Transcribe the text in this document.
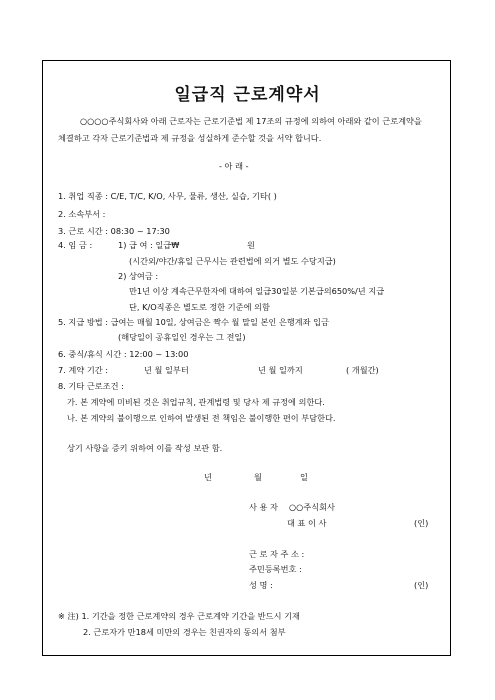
일급직 근로계약서
○○○○주식회사와 아래 근로자는 근로기준법 제 17조의 규정에 의하여 아래와 같이 근로계약을
체결하고 각자 근로기준법과 제 규정을 성실하게 준수할 것을 서약 합니다.
- 아 래 -
1. 취업 직종 : C/E, T/C, K/O, 사무, 물류, 생산, 실습, 기타( )
2. 소속부서 :
3. 근로 시간 : 08:30 ~ 17:30
4. 임 금 :	1) 급 여 : 일급₩	원
(시간외/야간/휴일 근무시는 관련법에 의거 별도 수당지급)
2) 상여금 :
만1년 이상 계속근무한자에 대하여 일급30일분 기본급의650%/년 지급
단, K/O직종은 별도로 정한 기준에 의함
5. 지급 방법 : 급여는 매월 10일, 상여금은 짝수 월 말일 본인 은행계좌 입금
(해당일이 공휴일인 경우는 그 전일)
6. 중식/휴식 시간 : 12:00 ~ 13:00
7. 계약 기간 :	년 월 일부터	년 월 일까지	( 개월간)
8. 기타 근로조건 :
가. 본 계약에 미비된 것은 취업규칙, 관계법령 및 당사 제 규정에 의한다.
나. 본 계약의 불이행으로 인하여 발생된 전 책임은 불이행한 편이 부담한다.
상기 사항을 증키 위하여 이를 작성 보관 함.
년	월	일
사 용 자 ○○주식회사
대 표 이 사	(인)
근 로 자 주 소 :
주민등록번호 :
성 명 :	(인)
※ 注) 1. 기간을 정한 근로계약의 경우 근로계약 기간을 반드시 기재
2. 근로자가 만18세 미만의 경우는 친권자의 동의서 첨부
